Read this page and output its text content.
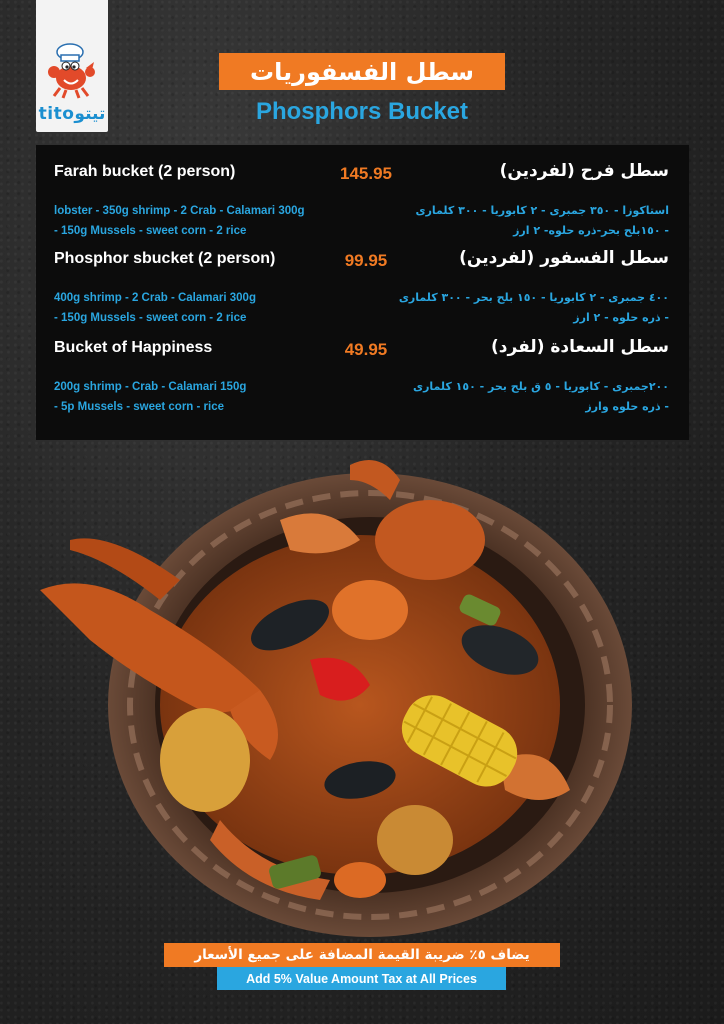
titoتيتو
سطل الفسفوريات
Phosphors Bucket
Farah bucket (2 person)	145.95	سطل فرح (لفردين)
lobster - 350g shrimp - 2 Crab - Calamari 300g
- 150g Mussels - sweet corn - 2 rice
استاكوزا - ٣٥٠ جمبرى - ٢ كابوريا - ٣٠٠ كلمارى
- ١٥٠بلح بحر-ذره حلوه- ٢ ارز
Phosphor sbucket (2 person)	99.95	سطل الفسفور (لفردين)
400g shrimp - 2 Crab - Calamari 300g
- 150g Mussels - sweet corn - 2 rice
٤٠٠ جمبرى - ٢ كابوريا - ١٥٠ بلح بحر - ٣٠٠ كلمارى
- ذره حلوه - ٢ ارز
Bucket of Happiness	49.95	سطل السعادة (لفرد)
200g shrimp - Crab - Calamari 150g
- 5p Mussels - sweet corn - rice
٢٠٠جمبرى - كابوريا - ٥ ق بلح بحر - ١٥٠ كلمارى
- ذره حلوه وارز
يضاف ٥٪ ضريبة القيمة المضافة على جميع الأسعار
Add 5% Value Amount Tax at All Prices
